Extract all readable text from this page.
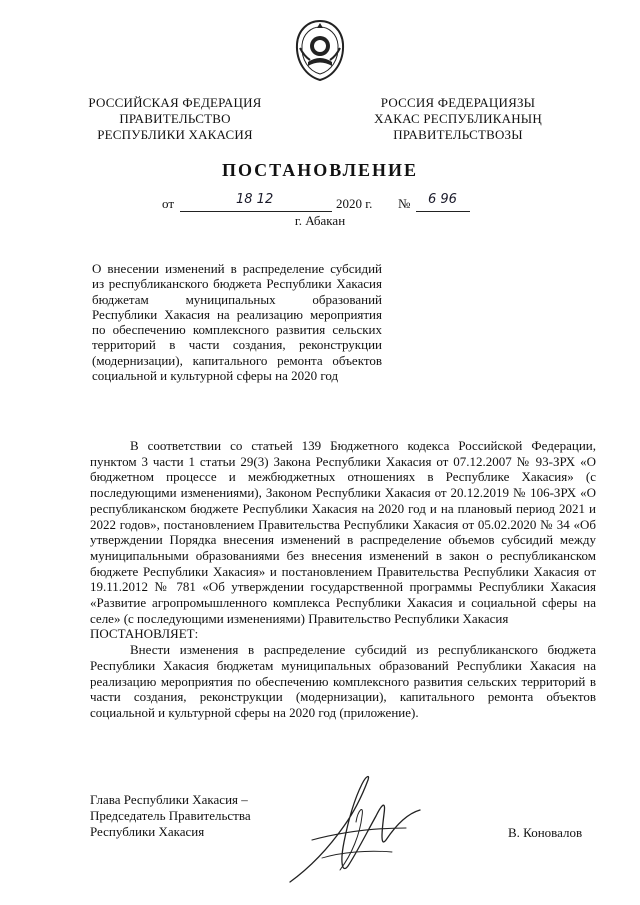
РОССИЙСКАЯ ФЕДЕРАЦИЯ
ПРАВИТЕЛЬСТВО
РЕСПУБЛИКИ ХАКАСИЯ
РОССИЯ ФЕДЕРАЦИЯЗЫ
ХАКАС РЕСПУБЛИКАНЫҢ
ПРАВИТЕЛЬСТВОЗЫ
ПОСТАНОВЛЕНИЕ
от	18 12	2020 г. № 6 96
г. Абакан
О внесении изменений в распределение субсидий из республиканского бюджета Республики Хакасия бюджетам муниципальных образований Республики Хакасия на реализацию мероприятия по обеспечению комплексного развития сельских территорий в части создания, реконструкции (модернизации), капитального ремонта объектов социальной и культурной сферы на 2020 год

В соответствии со статьей 139 Бюджетного кодекса Российской Федерации, пунктом 3 части 1 статьи 29(3) Закона Республики Хакасия от 07.12.2007 № 93-ЗРХ «О бюджетном процессе и межбюджетных отношениях в Республике Хакасия» (с последующими изменениями), Законом Республики Хакасия от 20.12.2019 № 106-ЗРХ «О республиканском бюджете Республики Хакасия на 2020 год и на плановый период 2021 и 2022 годов», постановлением Правительства Республики Хакасия от 05.02.2020 № 34 «Об утверждении Порядка внесения изменений в распределение объемов субсидий между муниципальными образованиями без внесения изменений в закон о республиканском бюджете Республики Хакасия» и постановлением Правительства Республики Хакасия от 19.11.2012 № 781 «Об утверждении государственной программы Республики Хакасия «Развитие агропромышленного комплекса Республики Хакасия и социальной сферы на селе» (с последующими изменениями) Правительство Республики Хакасия

ПОСТАНОВЛЯЕТ:

Внести изменения в распределение субсидий из республиканского бюджета Республики Хакасия бюджетам муниципальных образований Республики Хакасия на реализацию мероприятия по обеспечению комплексного развития сельских территорий в части создания, реконструкции (модернизации), капитального ремонта объектов социальной и культурной сферы на 2020 год (приложение).

Глава Республики Хакасия –
Председатель Правительства
Республики Хакасия	В. Коновалов
